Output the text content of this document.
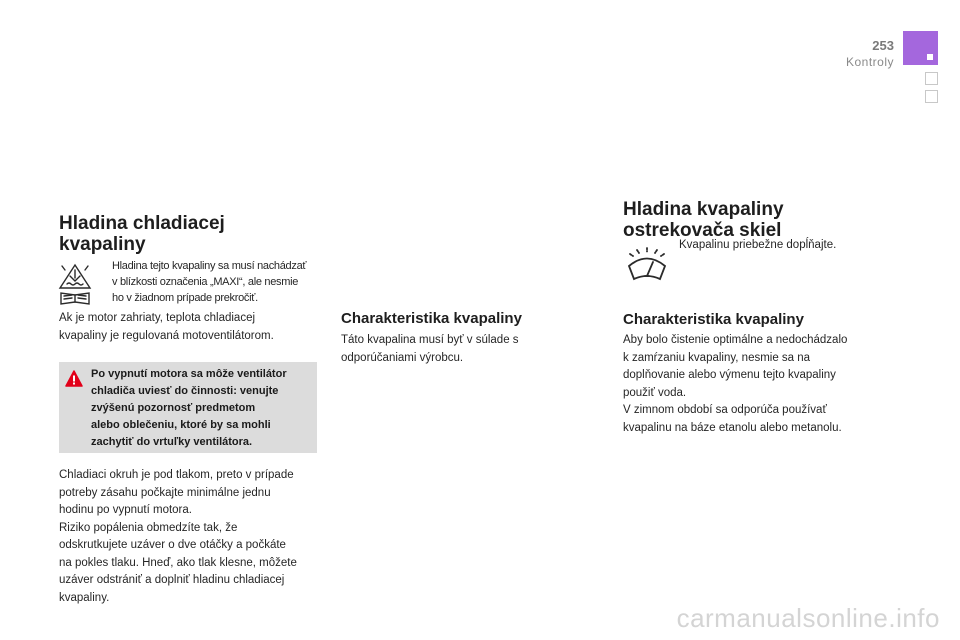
253
Kontroly
Hladina chladiacej kvapaliny

Hladina tejto kvapaliny sa musí nachádzať

v blízkosti označenia „MAXI“, ale nesmie

ho v žiadnom prípade prekročiť.

Ak je motor zahriaty, teplota chladiacej

kvapaliny je regulovaná motoventilátorom.

Po vypnutí motora sa môže ventilátor

chladiča uviesť do činnosti: venujte

zvýšenú pozornosť predmetom

alebo oblečeniu, ktoré by sa mohli

zachytiť do vrtuľky ventilátora.

Chladiaci okruh je pod tlakom, preto v prípade

potreby zásahu počkajte minimálne jednu

hodinu po vypnutí motora.

Riziko popálenia obmedzíte tak, že

odskrutkujete uzáver o dve otáčky a počkáte

na pokles tlaku. Hneď, ako tlak klesne, môžete

uzáver odstrániť a doplniť hladinu chladiacej

kvapaliny.

Charakteristika kvapaliny

Táto kvapalina musí byť v súlade s

odporúčaniami výrobcu.

Hladina kvapaliny ostrekovača skiel
Kvapalinu priebežne dopĺňajte.
Charakteristika kvapaliny

Aby bolo čistenie optimálne a nedochádzalo

k zamŕzaniu kvapaliny, nesmie sa na

doplňovanie alebo výmenu tejto kvapaliny

použiť voda.

V zimnom období sa odporúča používať

kvapalinu na báze etanolu alebo metanolu.

carmanualsonline.info
